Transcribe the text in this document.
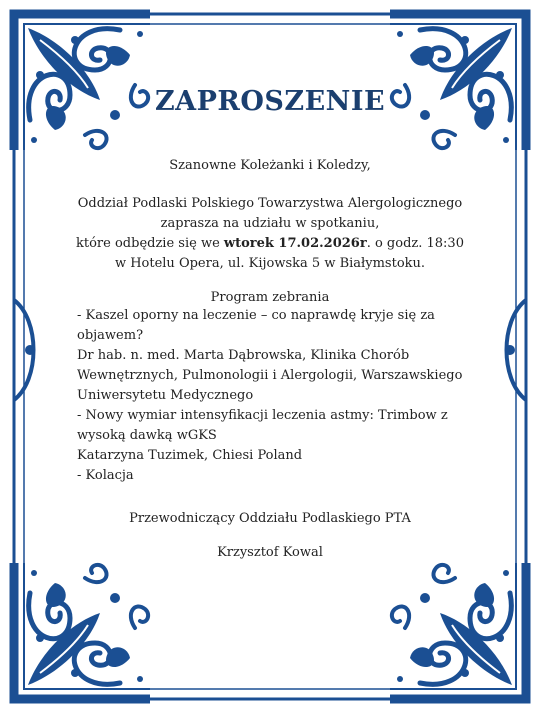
ZAPROSZENIE
Szanowne Koleżanki i Koledzy,
Oddział Podlaski Polskiego Towarzystwa Alergologicznego
zaprasza na udziału w spotkaniu,
które odbędzie się we wtorek 17.02.2026r. o godz. 18:30
w Hotelu Opera, ul. Kijowska 5 w Białymstoku.
Program zebrania
- Kaszel oporny na leczenie – co naprawdę kryje się za
objawem?
Dr hab. n. med. Marta Dąbrowska, Klinika Chorób
Wewnętrznych, Pulmonologii i Alergologii, Warszawskiego
Uniwersytetu Medycznego
- Nowy wymiar intensyfikacji leczenia astmy: Trimbow z
wysoką dawką wGKS
Katarzyna Tuzimek, Chiesi Poland
- Kolacja
Przewodniczący Oddziału Podlaskiego PTA
Krzysztof Kowal
